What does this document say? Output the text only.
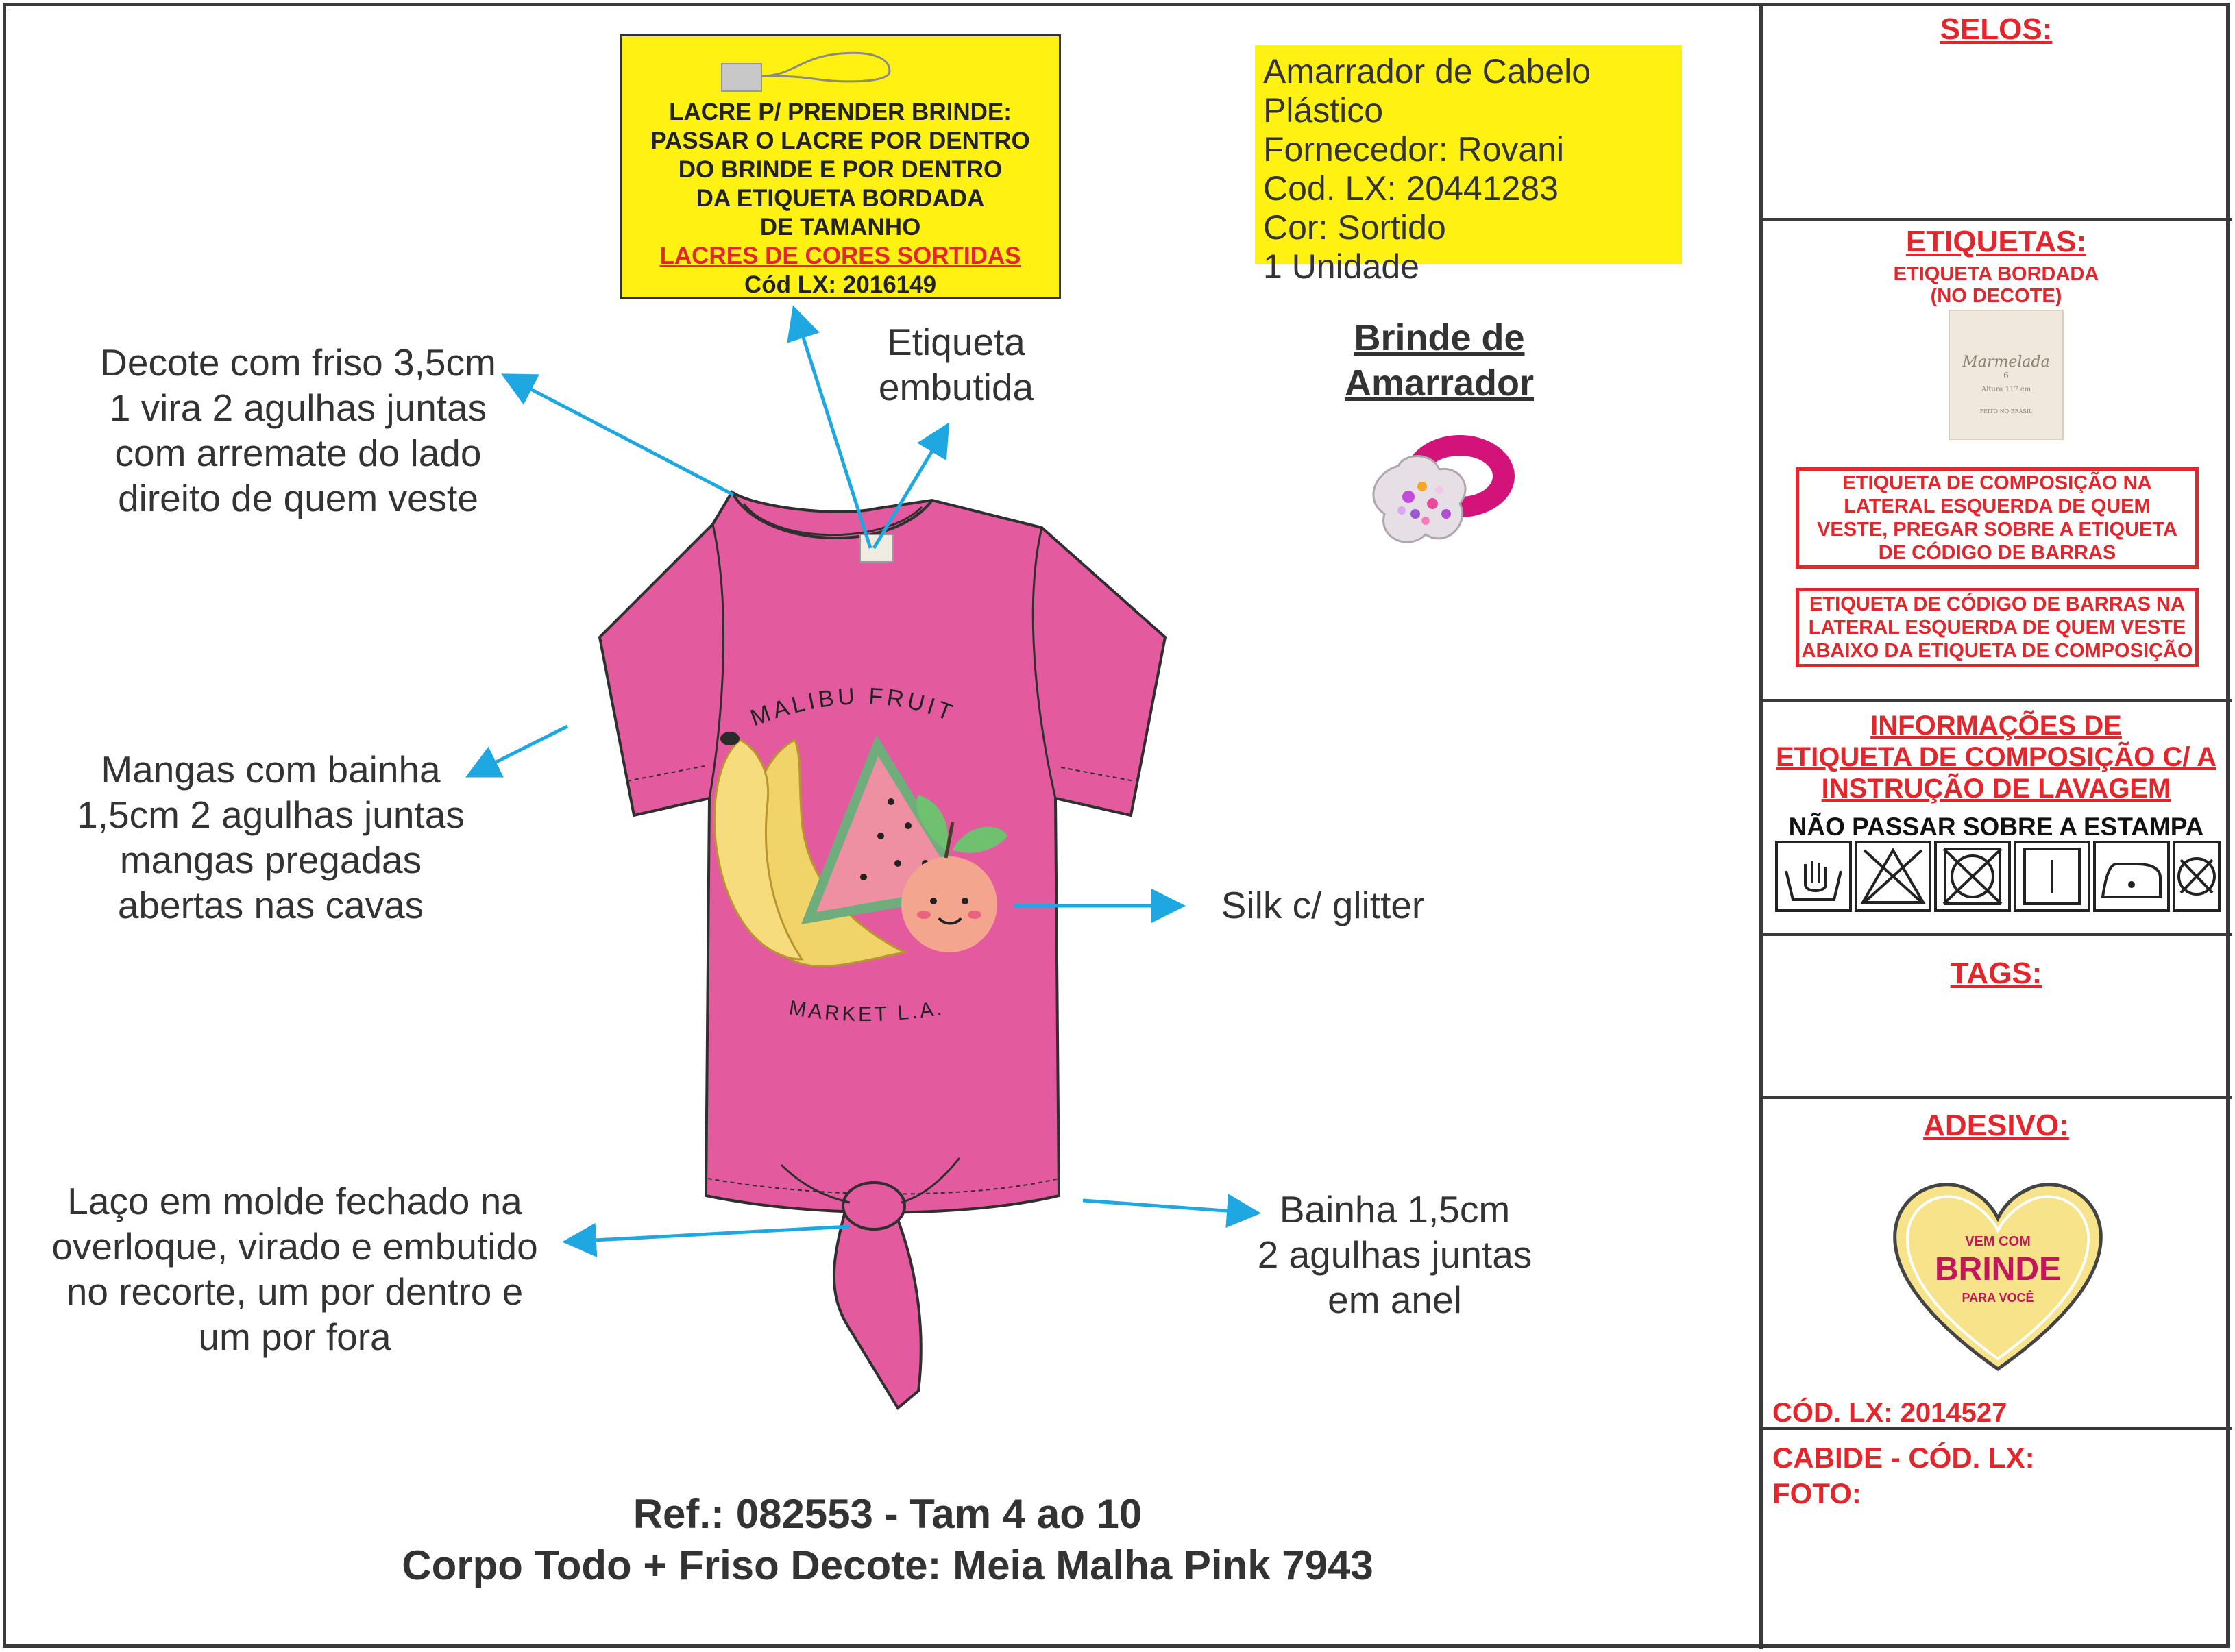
LACRE P/ PRENDER BRINDE:
PASSAR O LACRE POR DENTRO
DO BRINDE E POR DENTRO
DA ETIQUETA BORDADA
DE TAMANHO
LACRES DE CORES SORTIDAS
Cód LX: 2016149
Amarrador de Cabelo Plástico
Fornecedor: Rovani
Cod. LX: 20441283
Cor: Sortido
1 Unidade
Brinde de
Amarrador
MALIBU FRUIT
MARKET L.A.
Decote com friso 3,5cm
1 vira 2 agulhas juntas
com arremate do lado
direito de quem veste
Etiqueta
embutida
Mangas com bainha
1,5cm 2 agulhas juntas
mangas pregadas
abertas nas cavas	Silk c/ glitter
Laço em molde fechado na
overloque, virado e embutido
no recorte, um por dentro e
um por fora
Bainha 1,5cm
2 agulhas juntas
em anel
Ref.: 082553 - Tam 4 ao 10
Corpo Todo + Friso Decote: Meia Malha Pink 7943
SELOS:
ETIQUETAS:
ETIQUETA BORDADA
(NO DECOTE)
Marmelada
6
Altura 117 cm
FEITO NO BRASIL
ETIQUETA DE COMPOSIÇÃO NA
LATERAL ESQUERDA DE QUEM
VESTE, PREGAR SOBRE A ETIQUETA
DE CÓDIGO DE BARRAS
ETIQUETA DE CÓDIGO DE BARRAS NA
LATERAL ESQUERDA DE QUEM VESTE
ABAIXO DA ETIQUETA DE COMPOSIÇÃO
INFORMAÇÕES DE
ETIQUETA DE COMPOSIÇÃO C/ A
INSTRUÇÃO DE LAVAGEM
NÃO PASSAR SOBRE A ESTAMPA
TAGS:
ADESIVO:
VEM COM
BRINDE
PARA VOCÊ
CÓD. LX: 2014527
CABIDE - CÓD. LX:
FOTO:
